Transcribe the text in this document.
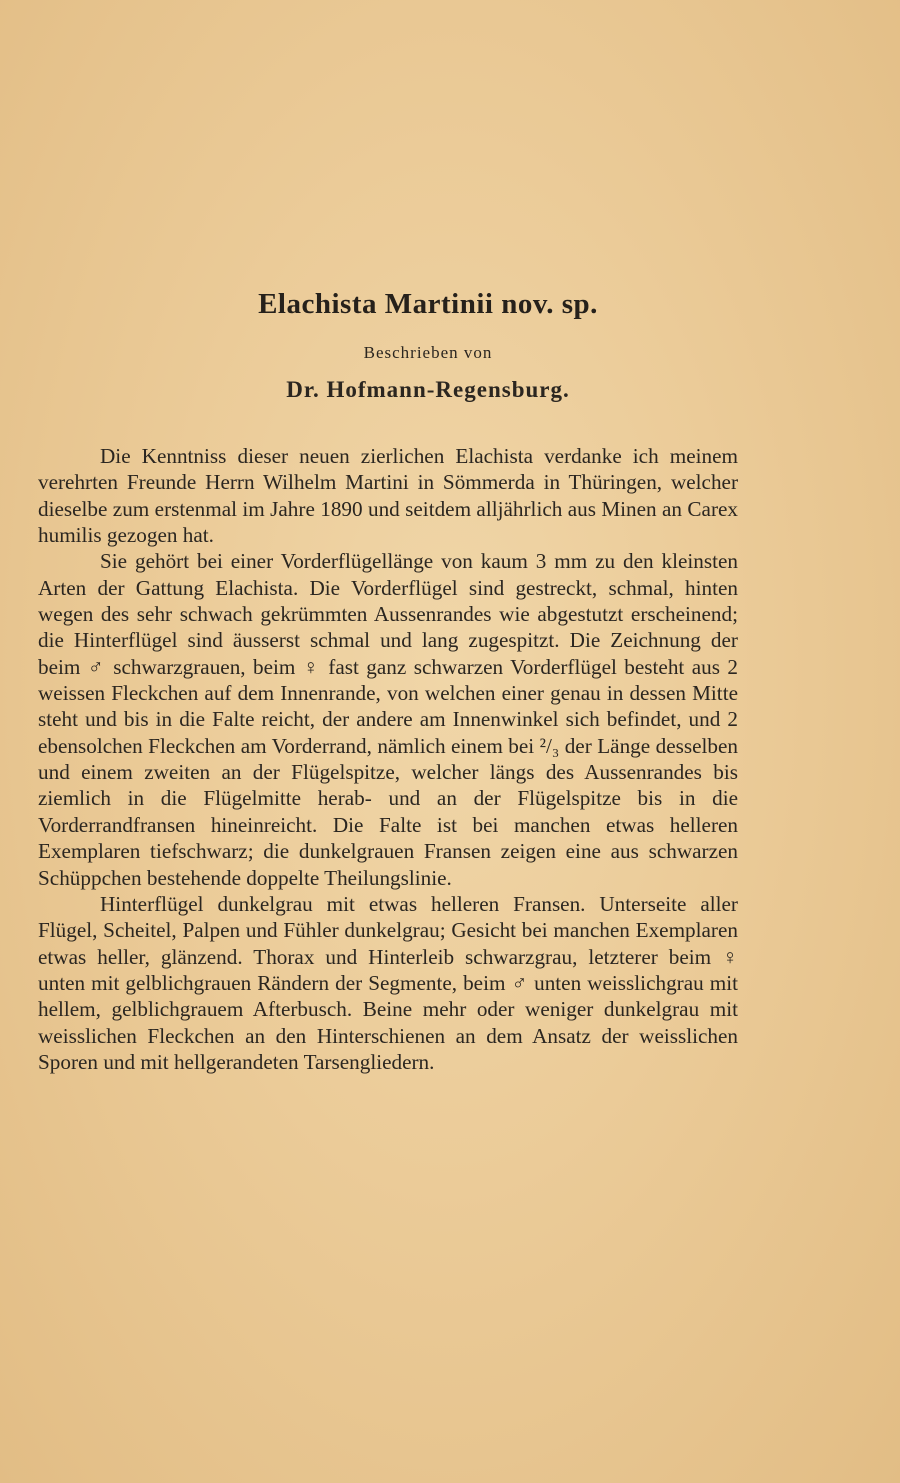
Elachista Martinii nov. sp.
Beschrieben von
Dr. Hofmann-Regensburg.

Die Kenntniss dieser neuen zierlichen Elachista verdanke ich meinem verehrten Freunde Herrn Wilhelm Martini in Sömmerda in Thüringen, welcher dieselbe zum erstenmal im Jahre 1890 und seitdem alljährlich aus Minen an Carex humilis gezogen hat.

Sie gehört bei einer Vorderflügellänge von kaum 3 mm zu den kleinsten Arten der Gattung Elachista. Die Vorderflügel sind gestreckt, schmal, hinten wegen des sehr schwach gekrümmten Aussenrandes wie abgestutzt erscheinend; die Hinterflügel sind äusserst schmal und lang zugespitzt. Die Zeichnung der beim ♂ schwarzgrauen, beim ♀ fast ganz schwarzen Vorderflügel besteht aus 2 weissen Fleckchen auf dem Innenrande, von welchen einer genau in dessen Mitte steht und bis in die Falte reicht, der andere am Innenwinkel sich befindet, und 2 ebensolchen Fleckchen am Vorderrand, nämlich einem bei ²/₃ der Länge desselben und einem zweiten an der Flügelspitze, welcher längs des Aussenrandes bis ziemlich in die Flügelmitte herab- und an der Flügelspitze bis in die Vorderrandfransen hineinreicht. Die Falte ist bei manchen etwas helleren Exemplaren tiefschwarz; die dunkelgrauen Fransen zeigen eine aus schwarzen Schüppchen bestehende doppelte Theilungslinie.

Hinterflügel dunkelgrau mit etwas helleren Fransen. Unterseite aller Flügel, Scheitel, Palpen und Fühler dunkelgrau; Gesicht bei manchen Exemplaren etwas heller, glänzend. Thorax und Hinterleib schwarzgrau, letzterer beim ♀ unten mit gelblichgrauen Rändern der Segmente, beim ♂ unten weisslichgrau mit hellem, gelblichgrauem Afterbusch. Beine mehr oder weniger dunkelgrau mit weisslichen Fleckchen an den Hinterschienen an dem Ansatz der weisslichen Sporen und mit hellgerandeten Tarsengliedern.
